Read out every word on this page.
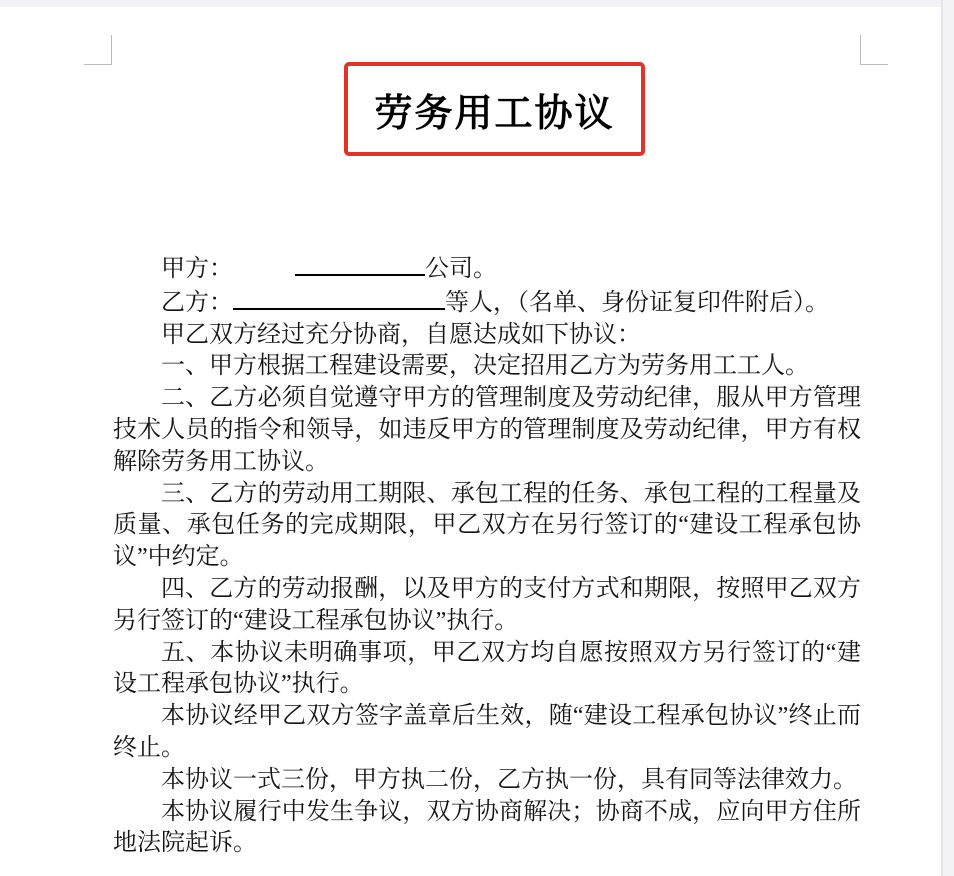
劳务用工协议

甲方：	公司。

乙方：	等人，（名单、身份证复印件附后）。

甲乙双方经过充分协商，自愿达成如下协议：

一、甲方根据工程建设需要，决定招用乙方为劳务用工工人。

二、乙方必须自觉遵守甲方的管理制度及劳动纪律，服从甲方管理技术人员的指令和领导，如违反甲方的管理制度及劳动纪律，甲方有权解除劳务用工协议。

三、乙方的劳动用工期限、承包工程的任务、承包工程的工程量及质量、承包任务的完成期限，甲乙双方在另行签订的“建设工程承包协议”中约定。

四、乙方的劳动报酬，以及甲方的支付方式和期限，按照甲乙双方另行签订的“建设工程承包协议”执行。

五、本协议未明确事项，甲乙双方均自愿按照双方另行签订的“建设工程承包协议”执行。

本协议经甲乙双方签字盖章后生效，随“建设工程承包协议”终止而终止。

本协议一式三份，甲方执二份，乙方执一份，具有同等法律效力。

本协议履行中发生争议，双方协商解决；协商不成，应向甲方住所地法院起诉。
